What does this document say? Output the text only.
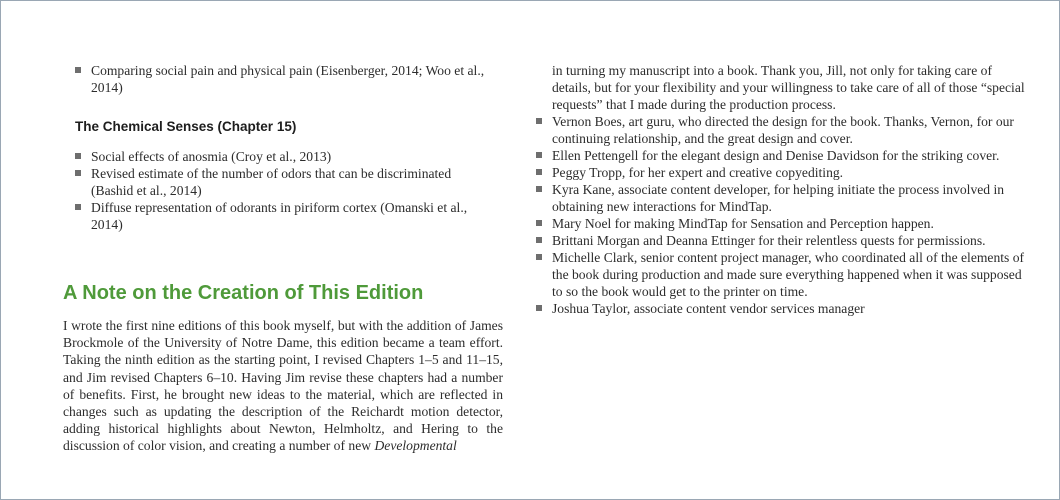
Comparing social pain and physical pain (Eisenberger, 2014; Woo et al., 2014)
The Chemical Senses (Chapter 15)
Social effects of anosmia (Croy et al., 2013)
Revised estimate of the number of odors that can be discriminated (Bashid et al., 2014)
Diffuse representation of odorants in piriform cortex (Omanski et al., 2014)
A Note on the Creation of This Edition

I wrote the first nine editions of this book myself, but with the addition of James Brockmole of the University of Notre Dame, this edition became a team effort. Taking the ninth edition as the starting point, I revised Chapters 1–5 and 11–15, and Jim revised Chapters 6–10. Having Jim revise these chapters had a number of benefits. First, he brought new ideas to the material, which are reflected in changes such as updating the description of the Reichardt motion detector, adding historical highlights about Newton, Helmholtz, and Hering to the discussion of color vision, and creating a number of new Developmental

in turning my manuscript into a book. Thank you, Jill, not only for taking care of details, but for your flexibility and your willingness to take care of all of those “special requests” that I made during the production process.
Vernon Boes, art guru, who directed the design for the book. Thanks, Vernon, for our continuing relationship, and the great design and cover.
Ellen Pettengell for the elegant design and Denise Davidson for the striking cover.
Peggy Tropp, for her expert and creative copyediting.
Kyra Kane, associate content developer, for helping initiate the process involved in obtaining new interactions for MindTap.
Mary Noel for making MindTap for Sensation and Perception happen.
Brittani Morgan and Deanna Ettinger for their relentless quests for permissions.
Michelle Clark, senior content project manager, who coordinated all of the elements of the book during production and made sure everything happened when it was supposed to so the book would get to the printer on time.
Joshua Taylor, associate content vendor services manager
